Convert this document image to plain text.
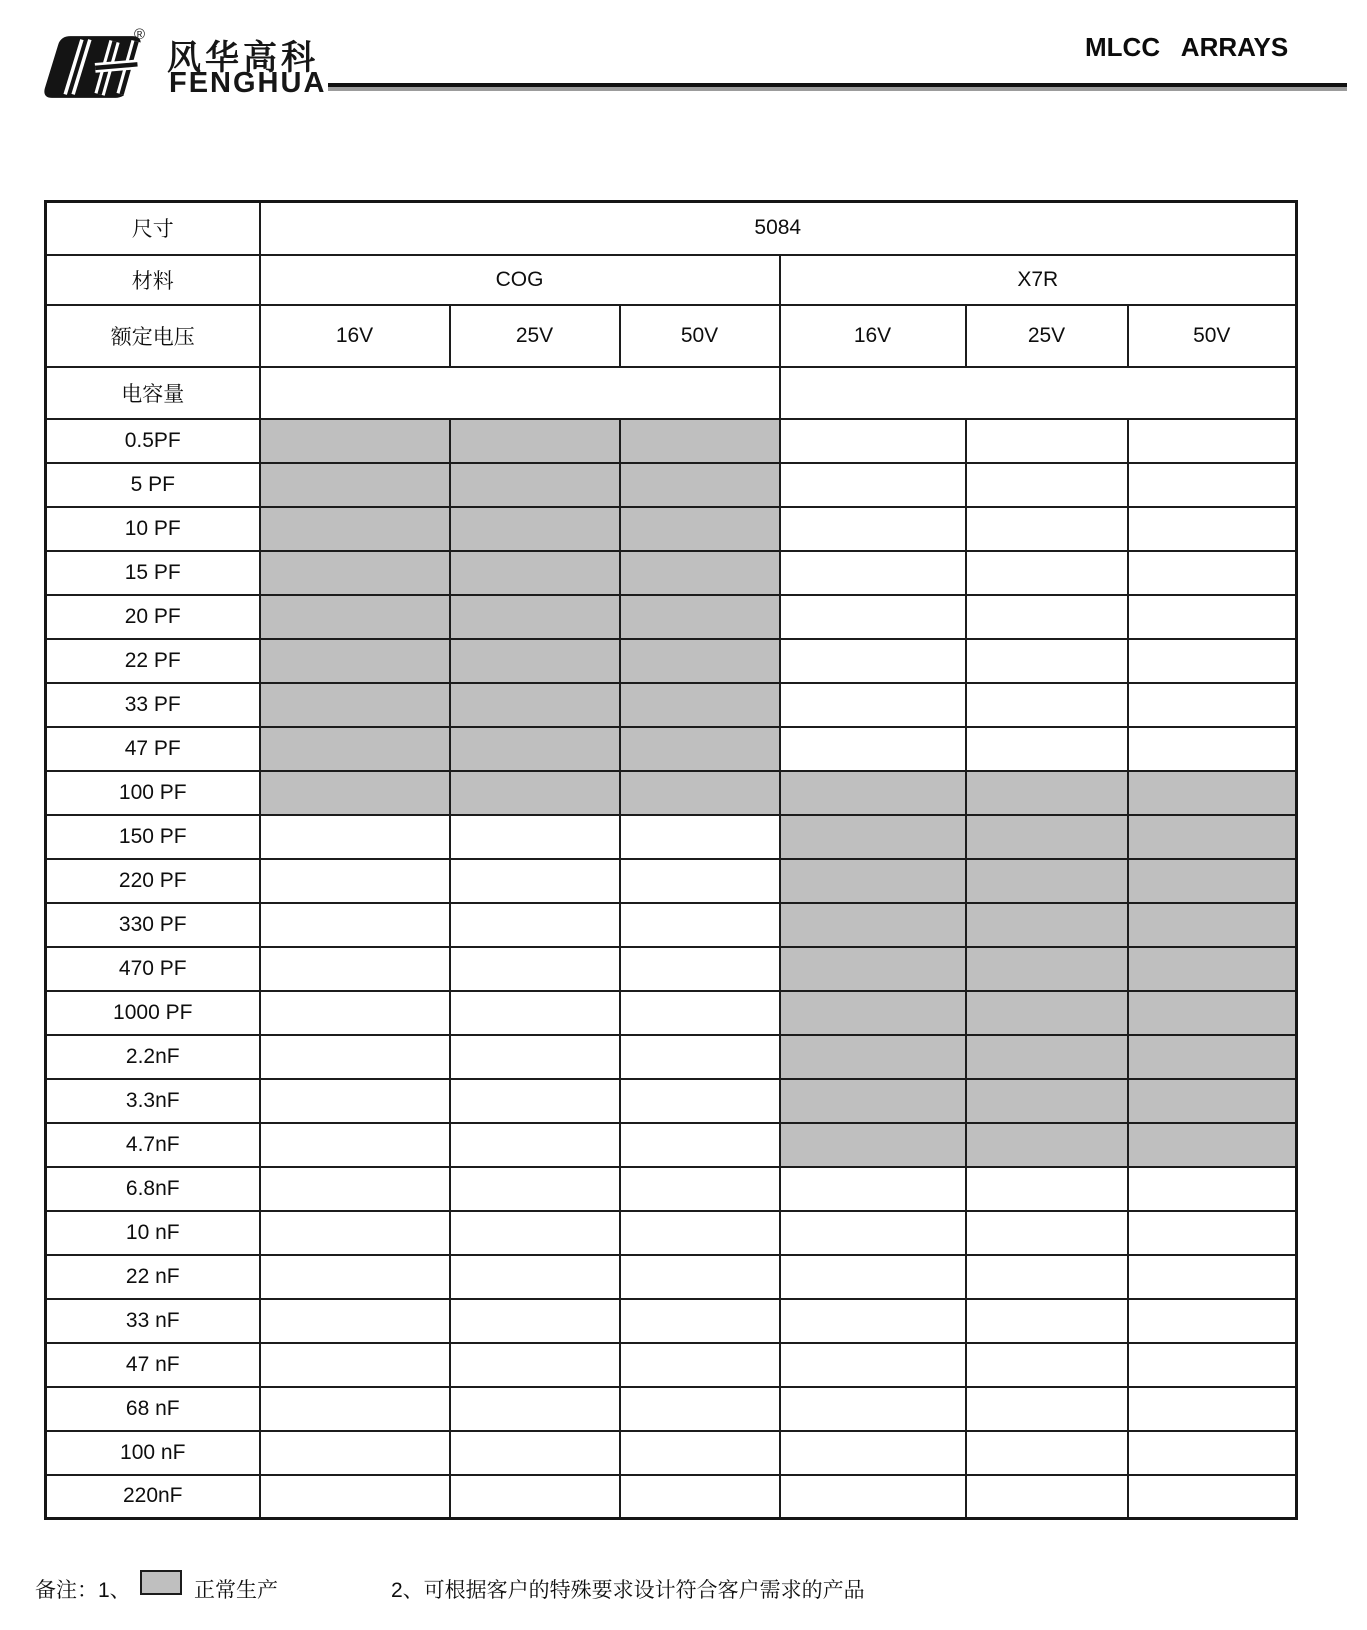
®
风华高科
FENGHUA
MLCC   ARRAYS
尺寸	5084					
材料	COG			X7R		
额定电压	16V	25V	50V	16V	25V	50V
电容量						
0.5PF						
5 PF						
10 PF						
15 PF						
20 PF						
22 PF						
33 PF						
47 PF						
100 PF						
150 PF						
220 PF						
330 PF						
470 PF						
1000 PF						
2.2nF						
3.3nF						
4.7nF						
6.8nF						
10 nF						
22 nF						
33 nF						
47 nF						
68 nF						
100 nF						
220nF						
备注：1、	正常生产	2、可根据客户的特殊要求设计符合客户需求的产品
